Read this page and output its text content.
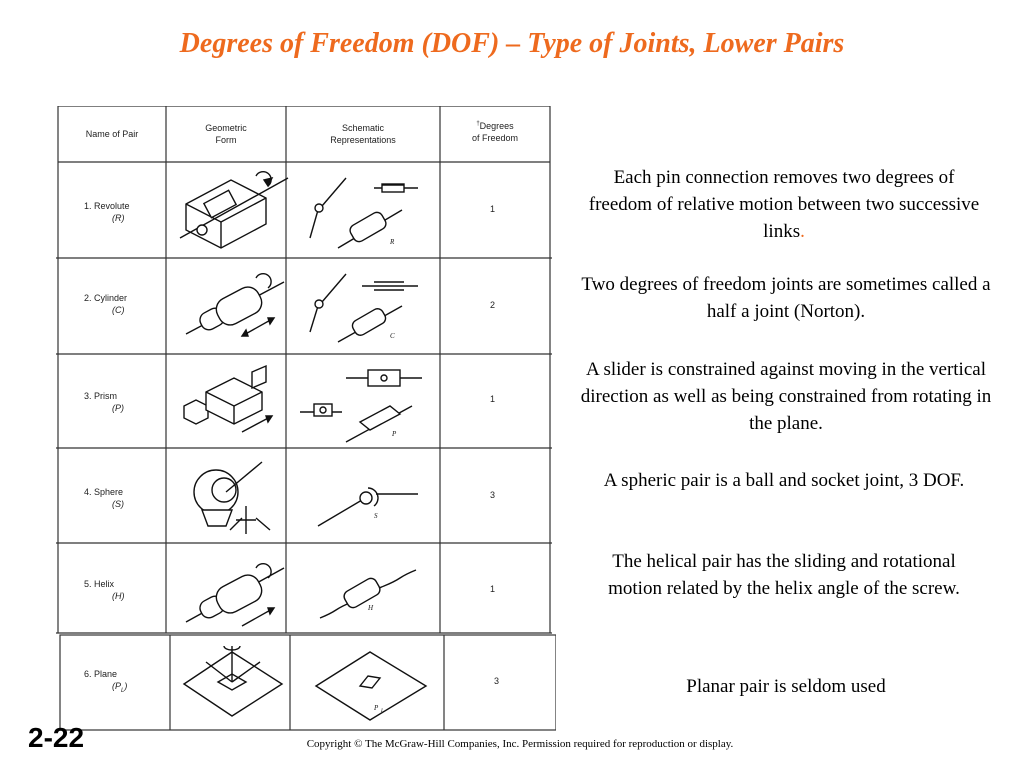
Degrees of Freedom (DOF) – Type of Joints, Lower Pairs
R
C
P
S
H
P L
Name of Pair
Geometric
Form
Schematic
Representations
†Degrees
of Freedom
1. Revolute
(R)
2. Cylinder
(C)
3. Prism
(P)
4. Sphere
(S)
5. Helix
(H)
6. Plane
$(P_L)$
1
2
1
3
1
3
Each pin connection removes two degrees of freedom of relative motion between two successive links.
Two degrees of freedom joints are sometimes called a half a joint (Norton).
A slider is constrained against moving in the vertical direction as well as being constrained from rotating in the plane.
A spheric pair is a ball and socket joint, 3 DOF.
The helical pair has the sliding and rotational motion related by the helix angle of the screw.
Planar pair is seldom used
2-22	Copyright © The McGraw-Hill Companies, Inc. Permission required for reproduction or display.
